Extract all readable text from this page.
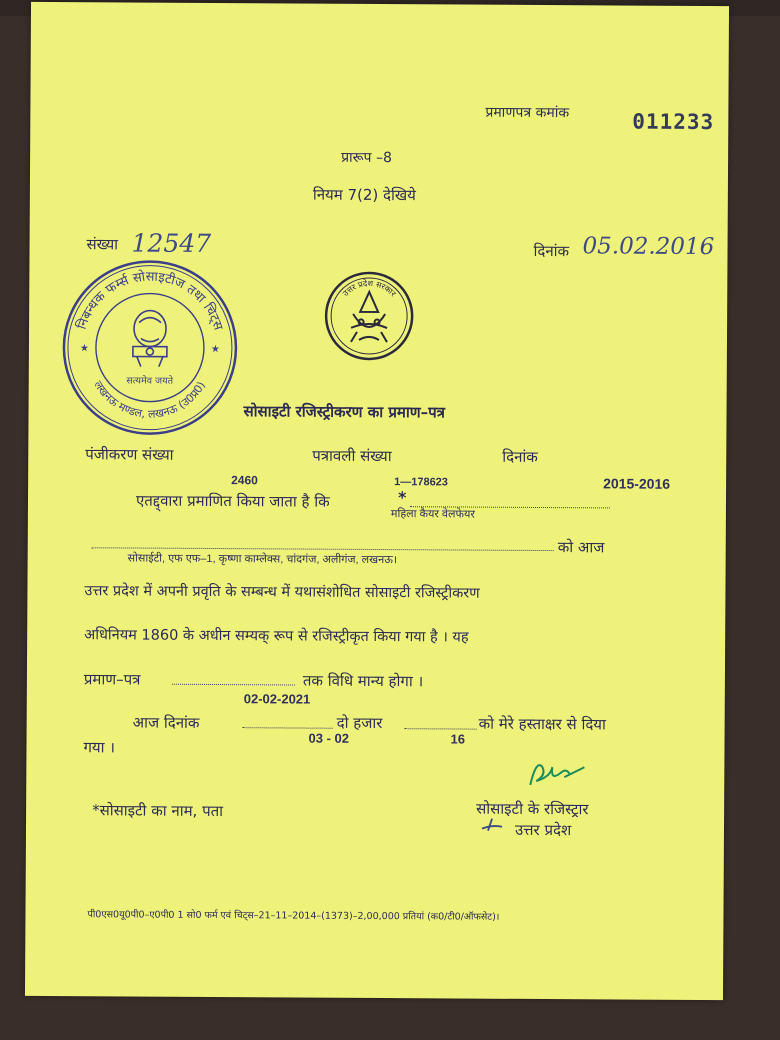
प्रमाणपत्र कमांक	011233
प्रारूप –8
नियम 7(2) देखिये
संख्या 12547	दिनांक 05.02.2016
निबन्धक फर्म्स सोसाइटीज तथा चिट्स
लखनऊ मण्डल, लखनऊ (उ0प्र0)
★	★
सत्यमेव जयते
उत्तर प्रदेश सरकार
सोसाइटी रजिस्ट्रीकरण का प्रमाण–पत्र
पंजीकरण संख्या	पत्रावली संख्या	दिनांक
2460	1—178623	2015-2016
एतद्द्वारा प्रमाणित किया जाता है कि	*
महिला कैयर वेलफेयर
को आज
सोसाईटी, एफ एफ–1, कृष्णा काम्लेक्स, चांदगंज, अलीगंज, लखनऊ।
उत्तर प्रदेश में अपनी प्रवृति के सम्बन्ध में यथासंशोधित सोसाइटी रजिस्ट्रीकरण
अधिनियम 1860 के अधीन सम्यक् रूप से रजिस्ट्रीकृत किया गया है । यह
प्रमाण–पत्र	तक विधि मान्य होगा ।
02-02-2021
आज दिनांक	दो हजार	को मेरे हस्ताक्षर से दिया
गया ।
03 - 02	16
*सोसाइटी का नाम, पता	सोसाइटी के रजिस्ट्रार
उत्तर प्रदेश
पी0एस0यू0पी0–ए0पी0 1 सो0 फर्म एवं चिट्स–21–11–2014–(1373)–2,00,000 प्रतियां (क0/टी0/ऑफसेट)।
